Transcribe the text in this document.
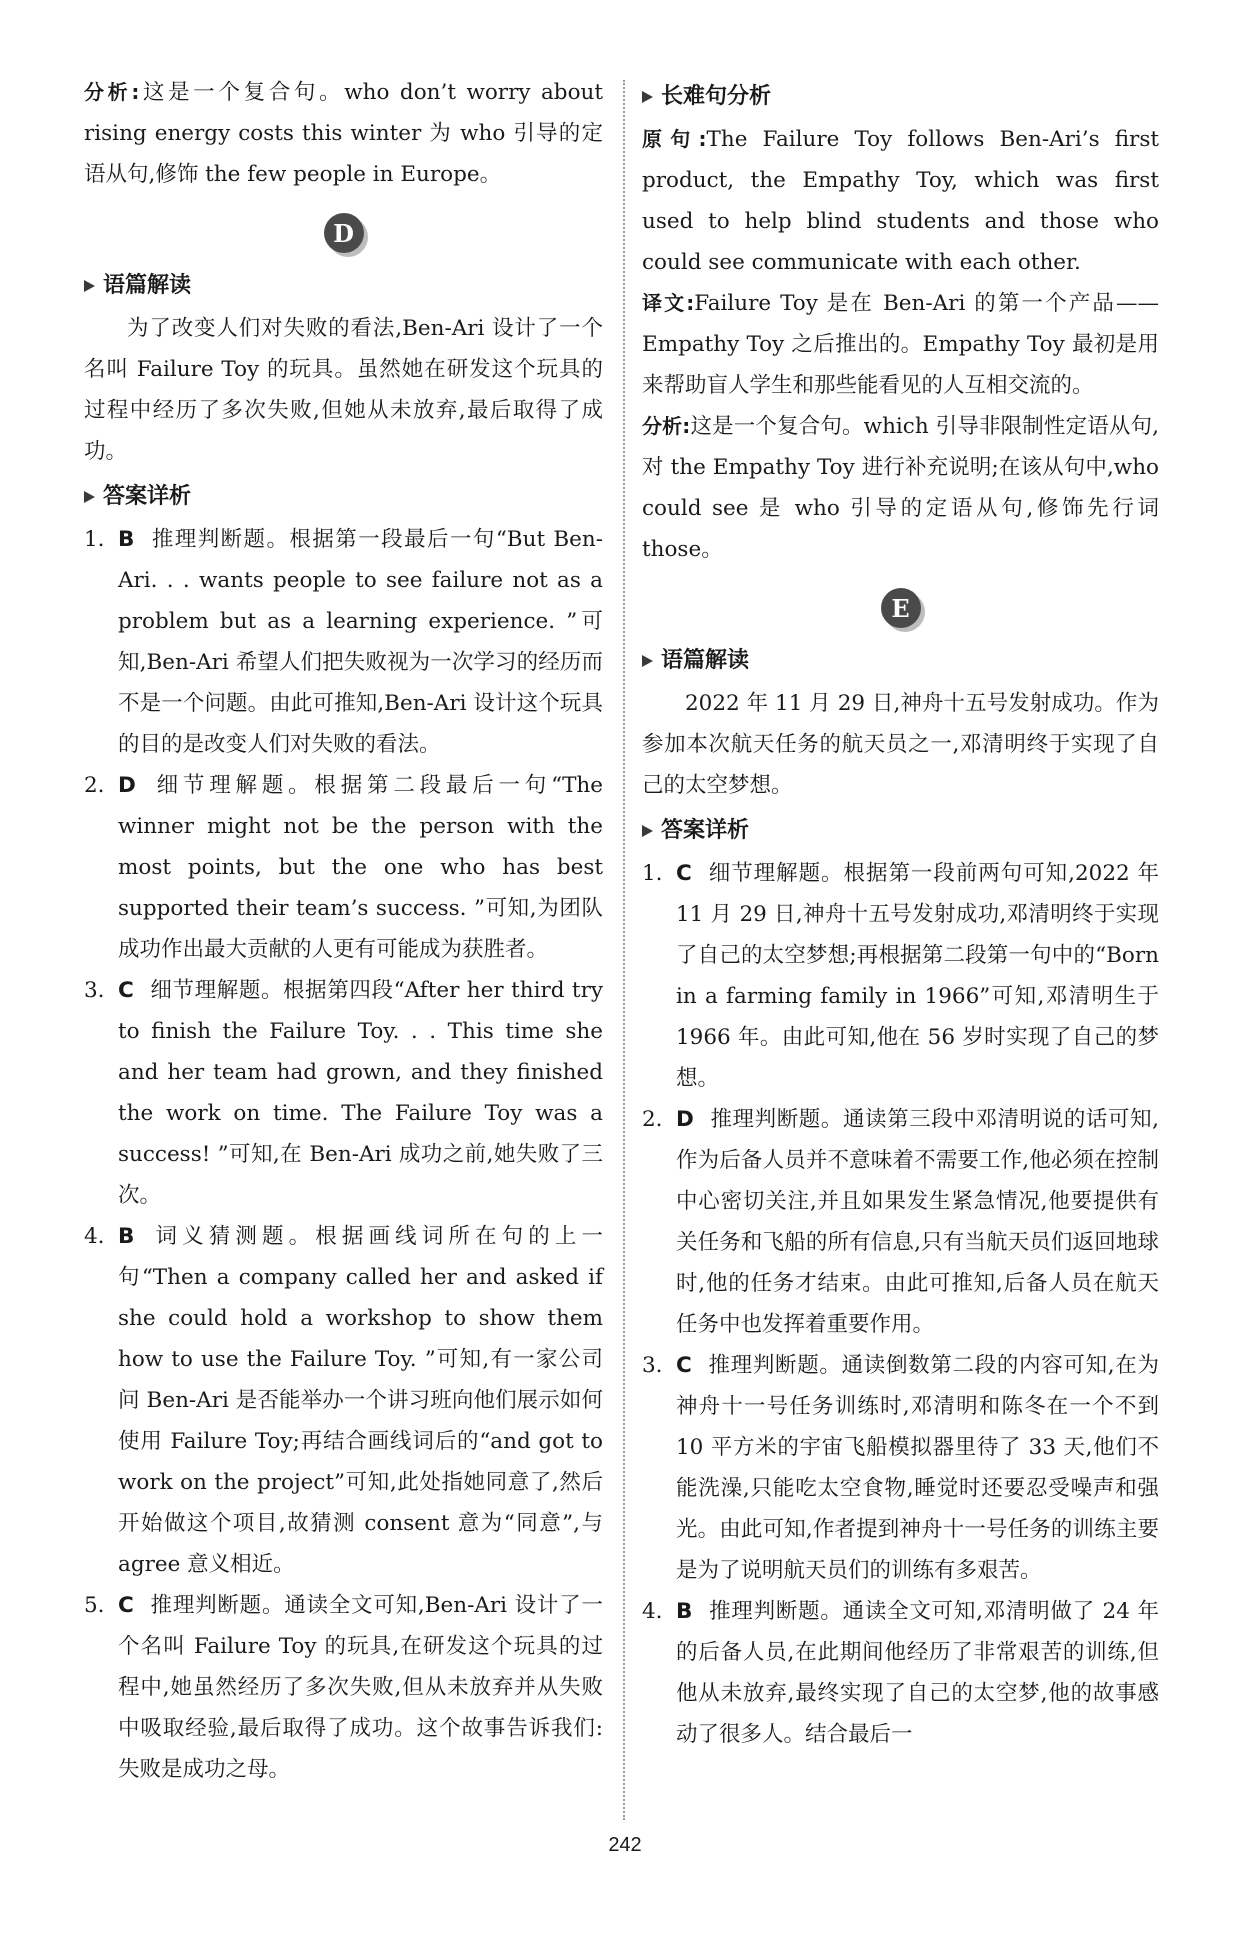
分析:这是一个复合句。who don’t worry about rising energy costs this winter 为 who 引导的定语从句,修饰 the few people in Europe。
D
语篇解读
为了改变人们对失败的看法,Ben-Ari 设计了一个名叫 Failure Toy 的玩具。虽然她在研发这个玩具的过程中经历了多次失败,但她从未放弃,最后取得了成功。
答案详析
1. B 推理判断题。根据第一段最后一句“But Ben-Ari. . . wants people to see failure not as a problem but as a learning experience. ”可知,Ben-Ari 希望人们把失败视为一次学习的经历而不是一个问题。由此可推知,Ben-Ari 设计这个玩具的目的是改变人们对失败的看法。
2. D 细节理解题。根据第二段最后一句“The winner might not be the person with the most points, but the one who has best supported their team’s success. ”可知,为团队成功作出最大贡献的人更有可能成为获胜者。
3. C 细节理解题。根据第四段“After her third try to finish the Failure Toy. . . This time she and her team had grown, and they finished the work on time. The Failure Toy was a success! ”可知,在 Ben-Ari 成功之前,她失败了三次。
4. B 词义猜测题。根据画线词所在句的上一句“Then a company called her and asked if she could hold a workshop to show them how to use the Failure Toy. ”可知,有一家公司问 Ben-Ari 是否能举办一个讲习班向他们展示如何使用 Failure Toy;再结合画线词后的“and got to work on the project”可知,此处指她同意了,然后开始做这个项目,故猜测 consent 意为“同意”,与 agree 意义相近。
5. C 推理判断题。通读全文可知,Ben-Ari 设计了一个名叫 Failure Toy 的玩具,在研发这个玩具的过程中,她虽然经历了多次失败,但从未放弃并从失败中吸取经验,最后取得了成功。这个故事告诉我们:失败是成功之母。
长难句分析
原句:The Failure Toy follows Ben-Ari’s first product, the Empathy Toy, which was first used to help blind students and those who could see communicate with each other.
译文:Failure Toy 是在 Ben-Ari 的第一个产品——Empathy Toy 之后推出的。Empathy Toy 最初是用来帮助盲人学生和那些能看见的人互相交流的。
分析:这是一个复合句。which 引导非限制性定语从句,对 the Empathy Toy 进行补充说明;在该从句中,who could see 是 who 引导的定语从句,修饰先行词 those。
E
语篇解读
2022 年 11 月 29 日,神舟十五号发射成功。作为参加本次航天任务的航天员之一,邓清明终于实现了自己的太空梦想。
答案详析
1. C 细节理解题。根据第一段前两句可知,2022 年 11 月 29 日,神舟十五号发射成功,邓清明终于实现了自己的太空梦想;再根据第二段第一句中的“Born in a farming family in 1966”可知,邓清明生于 1966 年。由此可知,他在 56 岁时实现了自己的梦想。
2. D 推理判断题。通读第三段中邓清明说的话可知,作为后备人员并不意味着不需要工作,他必须在控制中心密切关注,并且如果发生紧急情况,他要提供有关任务和飞船的所有信息,只有当航天员们返回地球时,他的任务才结束。由此可推知,后备人员在航天任务中也发挥着重要作用。
3. C 推理判断题。通读倒数第二段的内容可知,在为神舟十一号任务训练时,邓清明和陈冬在一个不到 10 平方米的宇宙飞船模拟器里待了 33 天,他们不能洗澡,只能吃太空食物,睡觉时还要忍受噪声和强光。由此可知,作者提到神舟十一号任务的训练主要是为了说明航天员们的训练有多艰苦。
4. B 推理判断题。通读全文可知,邓清明做了 24 年的后备人员,在此期间他经历了非常艰苦的训练,但他从未放弃,最终实现了自己的太空梦,他的故事感动了很多人。结合最后一
242
